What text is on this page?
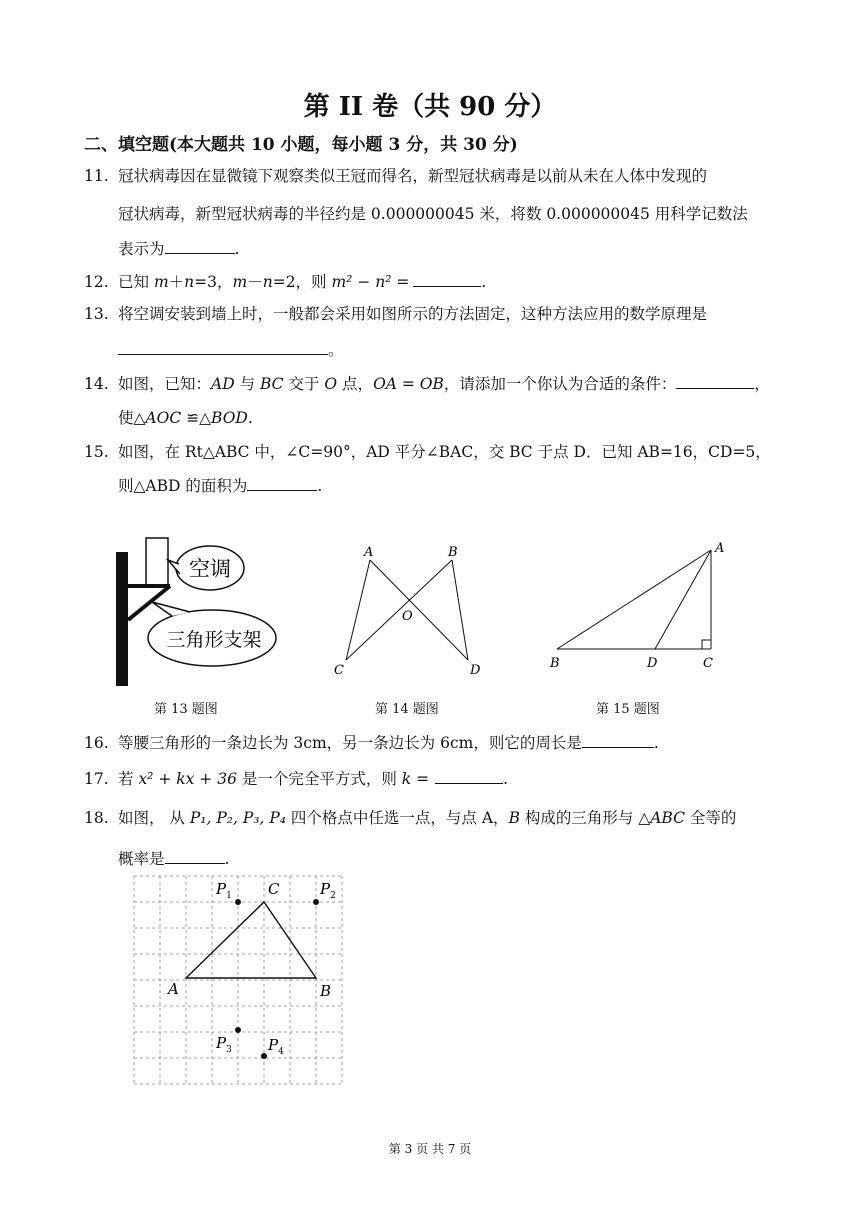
第 II 卷（共 90 分）
二、填空题(本大题共 10 小题，每小题 3 分，共 30 分)
11. 冠状病毒因在显微镜下观察类似王冠而得名，新型冠状病毒是以前从未在人体中发现的
冠状病毒，新型冠状病毒的半径约是 0.000000045 米，将数 0.000000045 用科学记数法
表示为	.
12. 已知 m＋n=3，m－n=2，则 m² − n² =	.
13. 将空调安装到墙上时，一般都会采用如图所示的方法固定，这种方法应用的数学原理是
。
14. 如图，已知：AD 与 BC 交于 O 点，OA = OB，请添加一个你认为合适的条件：	，
使△AOC ≌△BOD.
15. 如图，在 Rt△ABC 中，∠C=90°，AD 平分∠BAC，交 BC 于点 D．已知 AB=16，CD=5，
则△ABD 的面积为	.
空调
三角形支架
第 13 题图
A	B
C	D
O
第 14 题图
A
B	D	C
第 15 题图
16. 等腰三角形的一条边长为 3cm，另一条边长为 6cm，则它的周长是	.
17. 若 x² + kx + 36 是一个完全平方式，则 k =	.
18. 如图， 从 P₁, P₂, P₃, P₄ 四个格点中任选一点，与点 A，B 构成的三角形与 △ABC 全等的
概率是	.
$P_1$	$P_2$
$P_3$ $P_4$
A	B
C
第 3 页 共 7 页
